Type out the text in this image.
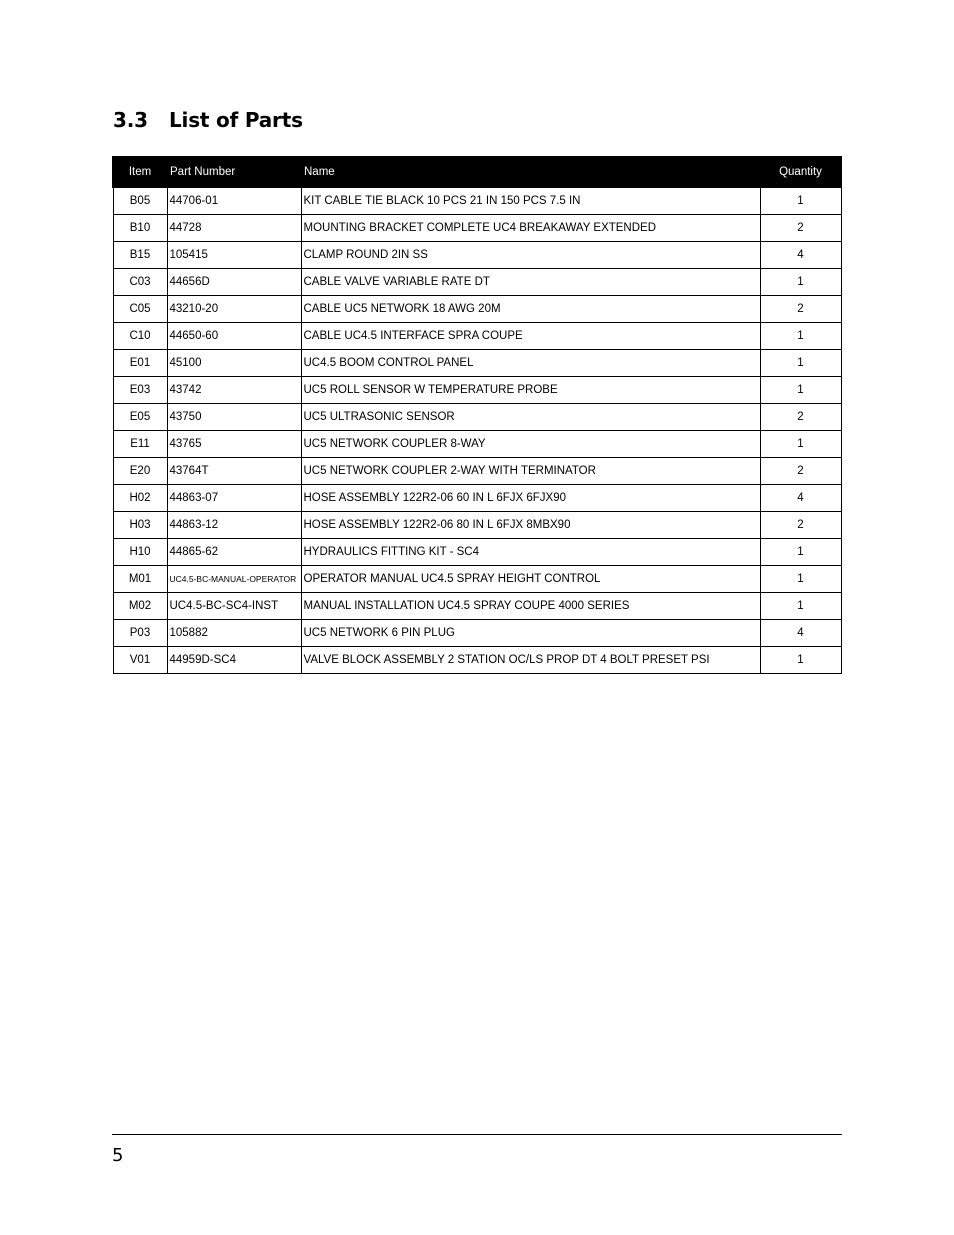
3.3	List of Parts
Item	Part Number	Name	Quantity
B05	44706-01	KIT CABLE TIE BLACK 10 PCS 21 IN 150 PCS 7.5 IN	1
B10	44728	MOUNTING BRACKET COMPLETE UC4 BREAKAWAY EXTENDED	2
B15	105415	CLAMP ROUND 2IN SS	4
C03	44656D	CABLE VALVE VARIABLE RATE DT	1
C05	43210-20	CABLE UC5 NETWORK 18 AWG 20M	2
C10	44650-60	CABLE UC4.5 INTERFACE SPRA COUPE	1
E01	45100	UC4.5 BOOM CONTROL PANEL	1
E03	43742	UC5 ROLL SENSOR W TEMPERATURE PROBE	1
E05	43750	UC5 ULTRASONIC SENSOR	2
E11	43765	UC5 NETWORK COUPLER 8-WAY	1
E20	43764T	UC5 NETWORK COUPLER 2-WAY WITH TERMINATOR	2
H02	44863-07	HOSE ASSEMBLY 122R2-06 60 IN L 6FJX 6FJX90	4
H03	44863-12	HOSE ASSEMBLY 122R2-06 80 IN L 6FJX 8MBX90	2
H10	44865-62	HYDRAULICS FITTING KIT - SC4	1
M01	UC4.5-BC-MANUAL-OPERATOR	OPERATOR MANUAL UC4.5 SPRAY HEIGHT CONTROL	1
M02	UC4.5-BC-SC4-INST	MANUAL INSTALLATION UC4.5 SPRAY COUPE 4000 SERIES	1
P03	105882	UC5 NETWORK 6 PIN PLUG	4
V01	44959D-SC4	VALVE BLOCK ASSEMBLY 2 STATION OC/LS PROP DT 4 BOLT PRESET PSI	1
5
